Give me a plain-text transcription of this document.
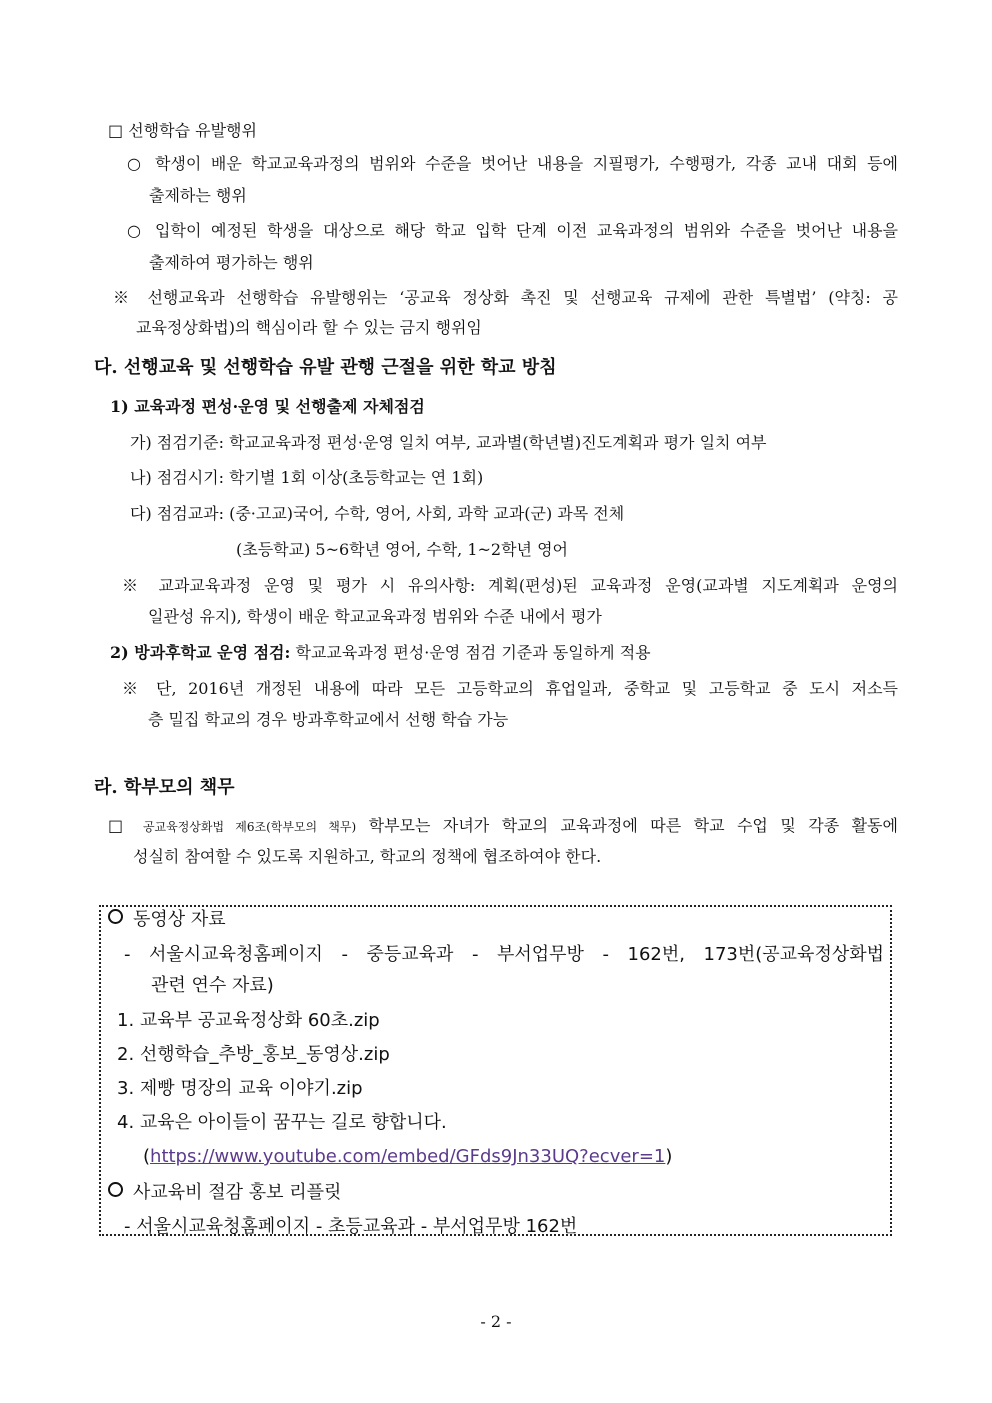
□ 선행학습 유발행위
○ 학생이 배운 학교교육과정의 범위와 수준을 벗어난 내용을 지필평가, 수행평가, 각종 교내 대회 등에
출제하는 행위
○ 입학이 예정된 학생을 대상으로 해당 학교 입학 단계 이전 교육과정의 범위와 수준을 벗어난 내용을
출제하여 평가하는 행위
※ 선행교육과 선행학습 유발행위는 ‘공교육 정상화 촉진 및 선행교육 규제에 관한 특별법’ (약칭: 공
교육정상화법)의 핵심이라 할 수 있는 금지 행위임
다. 선행교육 및 선행학습 유발 관행 근절을 위한 학교 방침
1) 교육과정 편성·운영 및 선행출제 자체점검
가) 점검기준: 학교교육과정 편성·운영 일치 여부, 교과별(학년별)진도계획과 평가 일치 여부
나) 점검시기: 학기별 1회 이상(초등학교는 연 1회)
다) 점검교과: (중·고교)국어, 수학, 영어, 사회, 과학 교과(군) 과목 전체
(초등학교) 5~6학년 영어, 수학, 1~2학년 영어
※ 교과교육과정 운영 및 평가 시 유의사항: 계획(편성)된 교육과정 운영(교과별 지도계획과 운영의
일관성 유지), 학생이 배운 학교교육과정 범위와 수준 내에서 평가
2) 방과후학교 운영 점검: 학교교육과정 편성·운영 점검 기준과 동일하게 적용
※ 단, 2016년 개정된 내용에 따라 모든 고등학교의 휴업일과, 중학교 및 고등학교 중 도시 저소득
층 밀집 학교의 경우 방과후학교에서 선행 학습 가능
라. 학부모의 책무
□ 공교육정상화법 제6조(학부모의 책무) 학부모는 자녀가 학교의 교육과정에 따른 학교 수업 및 각종 활동에
성실히 참여할 수 있도록 지원하고, 학교의 정책에 협조하여야 한다.
동영상 자료
- 서울시교육청홈페이지 - 중등교육과 - 부서업무방 - 162번, 173번(공교육정상화법
관련 연수 자료)
1. 교육부 공교육정상화 60초.zip
2. 선행학습_추방_홍보_동영상.zip
3. 제빵 명장의 교육 이야기.zip
4. 교육은 아이들이 꿈꾸는 길로 향합니다.
(https://www.youtube.com/embed/GFds9Jn33UQ?ecver=1)
사교육비 절감 홍보 리플릿
- 서울시교육청홈페이지 - 초등교육과 - 부서업무방 162번
- 2 -
